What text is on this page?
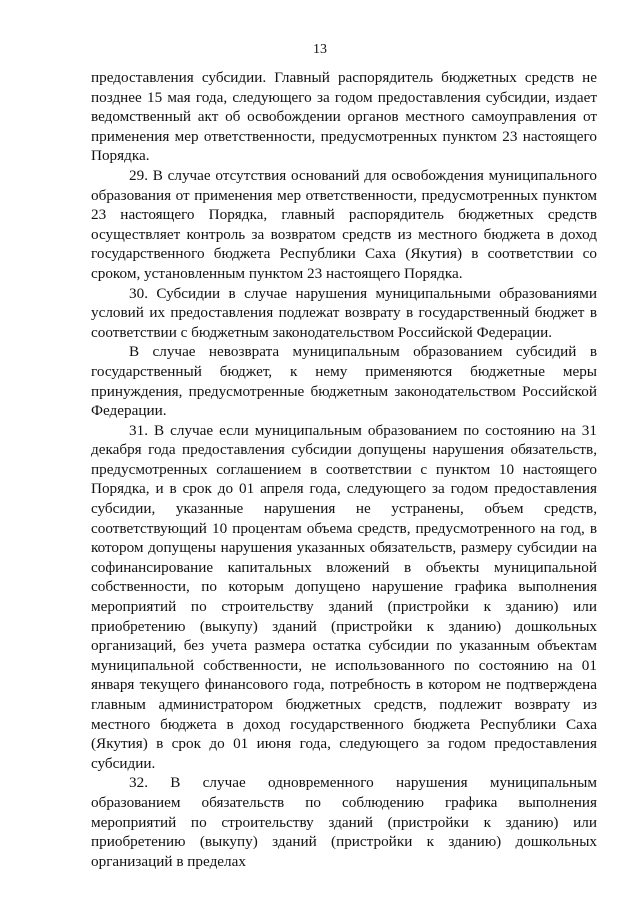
13

предоставления субсидии. Главный распорядитель бюджетных средств не позднее 15 мая года, следующего за годом предоставления субсидии, издает ведомственный акт об освобождении органов местного самоуправления от применения мер ответственности, предусмотренных пунктом 23 настоящего Порядка.

29. В случае отсутствия оснований для освобождения муниципального образования от применения мер ответственности, предусмотренных пунктом 23 настоящего Порядка, главный распорядитель бюджетных средств осуществляет контроль за возвратом средств из местного бюджета в доход государственного бюджета Республики Саха (Якутия) в соответствии со сроком, установленным пунктом 23 настоящего Порядка.

30. Субсидии в случае нарушения муниципальными образованиями условий их предоставления подлежат возврату в государственный бюджет в соответствии с бюджетным законодательством Российской Федерации.

В случае невозврата муниципальным образованием субсидий в государственный бюджет, к нему применяются бюджетные меры принуждения, предусмотренные бюджетным законодательством Российской Федерации.

31. В случае если муниципальным образованием по состоянию на 31 декабря года предоставления субсидии допущены нарушения обязательств, предусмотренных соглашением в соответствии с пунктом 10 настоящего Порядка, и в срок до 01 апреля года, следующего за годом предоставления субсидии, указанные нарушения не устранены, объем средств, соответствующий 10 процентам объема средств, предусмотренного на год, в котором допущены нарушения указанных обязательств, размеру субсидии на софинансирование капитальных вложений в объекты муниципальной собственности, по которым допущено нарушение графика выполнения мероприятий по строительству зданий (пристройки к зданию) или приобретению (выкупу) зданий (пристройки к зданию) дошкольных организаций, без учета размера остатка субсидии по указанным объектам муниципальной собственности, не использованного по состоянию на 01 января текущего финансового года, потребность в котором не подтверждена главным администратором бюджетных средств, подлежит возврату из местного бюджета в доход государственного бюджета Республики Саха (Якутия) в срок до 01 июня года, следующего за годом предоставления субсидии.

32. В случае одновременного нарушения муниципальным образованием обязательств по соблюдению графика выполнения мероприятий по строительству зданий (пристройки к зданию) или приобретению (выкупу) зданий (пристройки к зданию) дошкольных организаций в пределах
